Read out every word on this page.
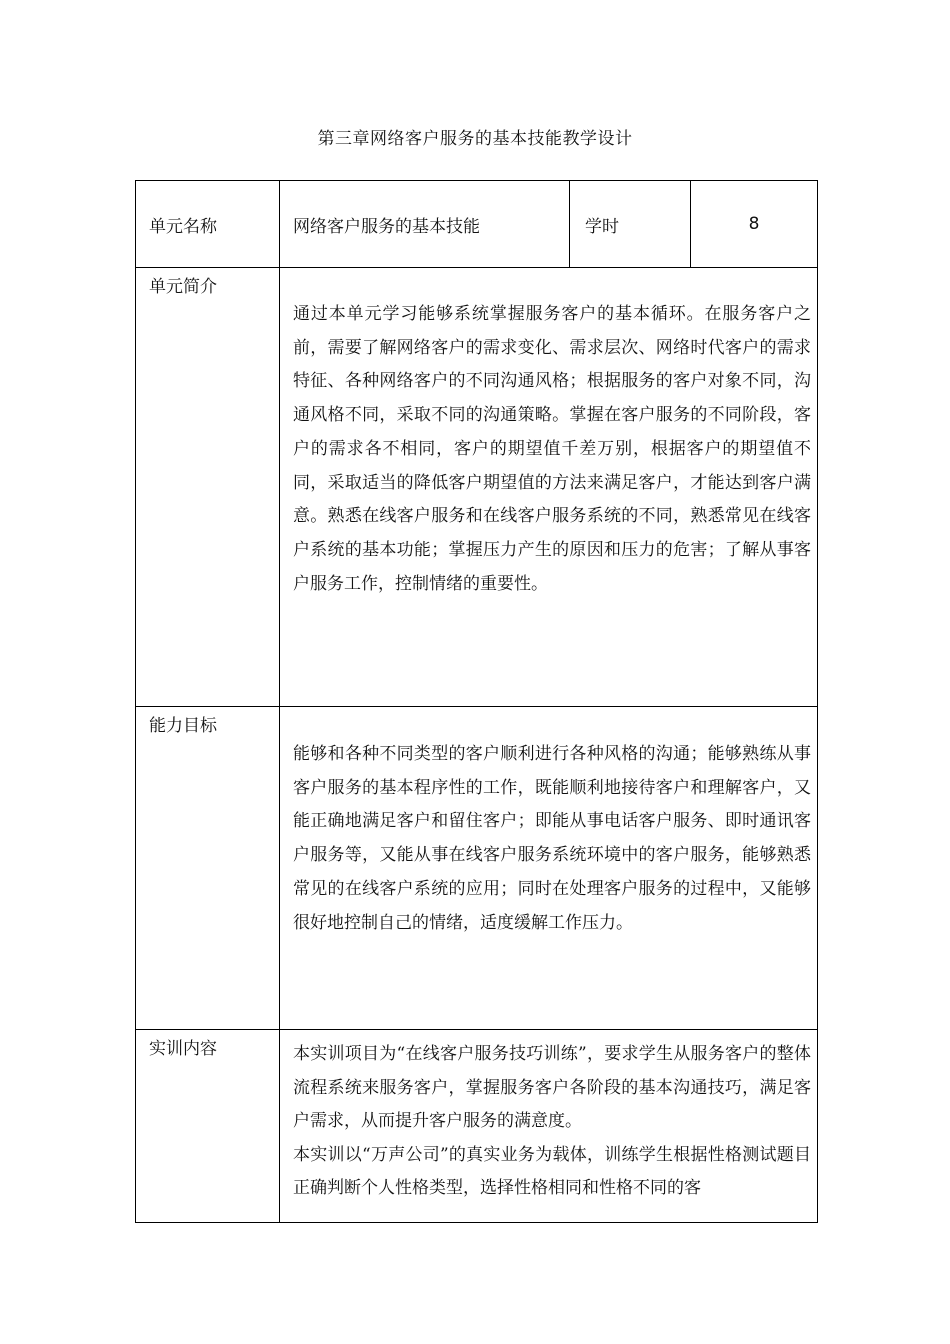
第三章网络客户服务的基本技能教学设计
单元名称	网络客户服务的基本技能	学时	8
单元简介	通过本单元学习能够系统掌握服务客户的基本循环。在服务客户之前，需要了解网络客户的需求变化、需求层次、网络时代客户的需求特征、各种网络客户的不同沟通风格；根据服务的客户对象不同，沟通风格不同，采取不同的沟通策略。掌握在客户服务的不同阶段，客户的需求各不相同，客户的期望值千差万别，根据客户的期望值不同，采取适当的降低客户期望值的方法来满足客户，才能达到客户满意。熟悉在线客户服务和在线客户服务系统的不同，熟悉常见在线客户系统的基本功能；掌握压力产生的原因和压力的危害；了解从事客户服务工作，控制情绪的重要性。		

能力目标	能够和各种不同类型的客户顺利进行各种风格的沟通；能够熟练从事客户服务的基本程序性的工作，既能顺利地接待客户和理解客户，又能正确地满足客户和留住客户；即能从事电话客户服务、即时通讯客户服务等，又能从事在线客户服务系统环境中的客户服务，能够熟悉常见的在线客户系统的应用；同时在处理客户服务的过程中，又能够很好地控制自己的情绪，适度缓解工作压力。		

实训内容	本实训项目为“在线客户服务技巧训练”，要求学生从服务客户的整体流程系统来服务客户，掌握服务客户各阶段的基本沟通技巧，满足客户需求，从而提升客户服务的满意度。

本实训以“万声公司”的真实业务为载体，训练学生根据性格测试题目正确判断个人性格类型，选择性格相同和性格不同的客		
